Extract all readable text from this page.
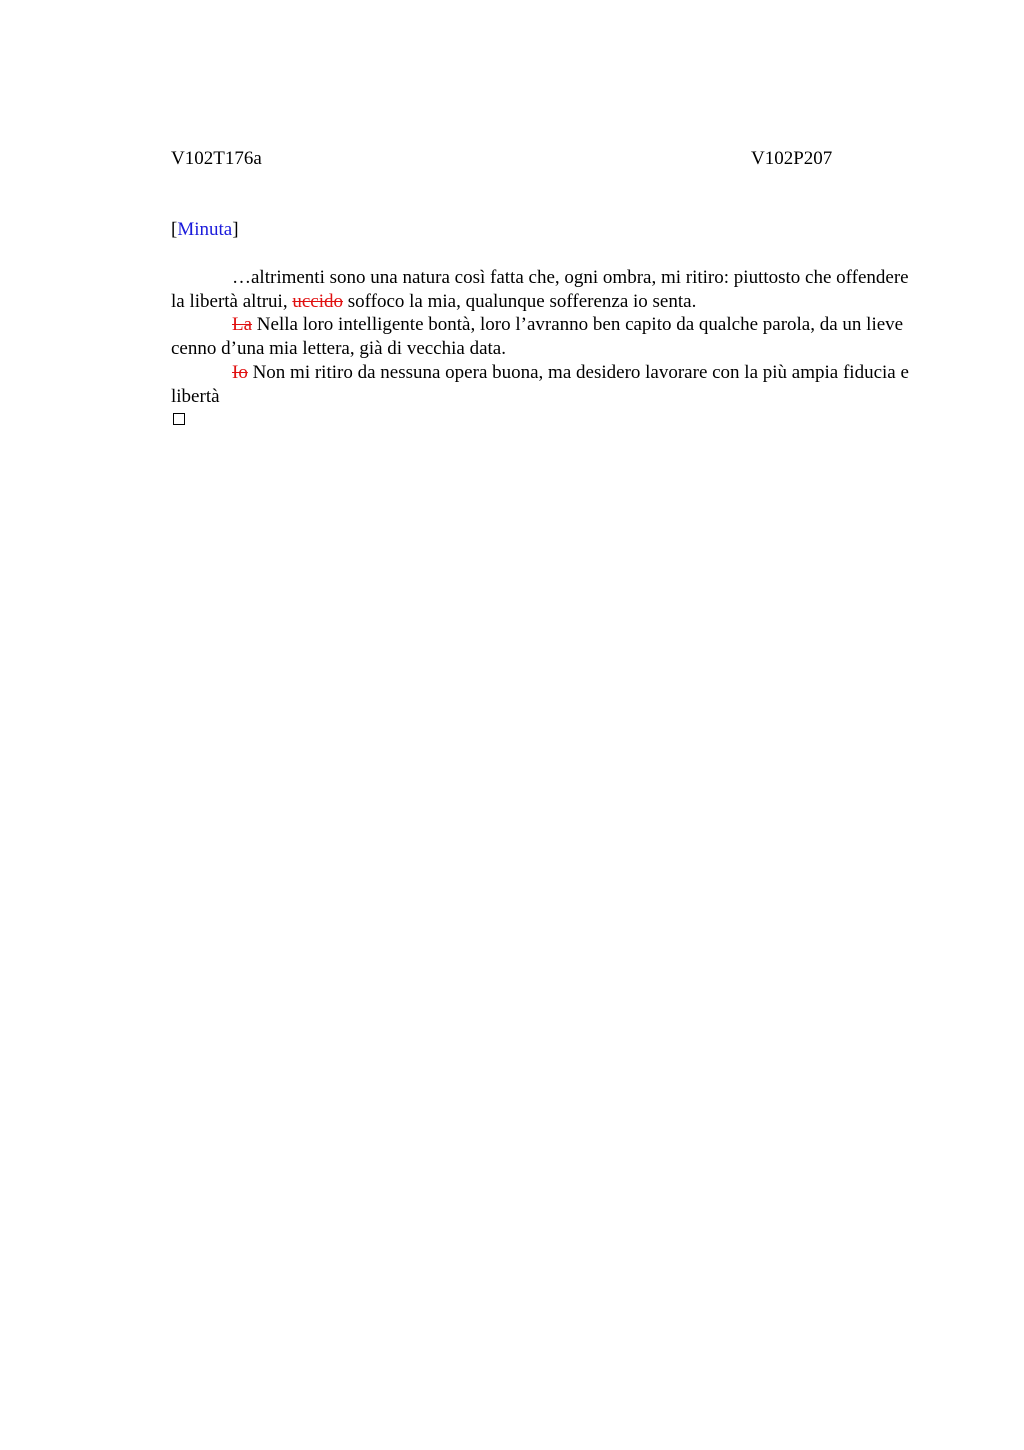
V102T176a	V102P207
[Minuta]

…altrimenti sono una natura così fatta che, ogni ombra, mi ritiro: piuttosto che offendere la libertà altrui, uccido soffoco la mia, qualunque sofferenza io senta.

La Nella loro intelligente bontà, loro l’avranno ben capito da qualche parola, da un lieve cenno d’una mia lettera, già di vecchia data.

Io Non mi ritiro da nessuna opera buona, ma desidero lavorare con la più ampia fiducia e libertà
